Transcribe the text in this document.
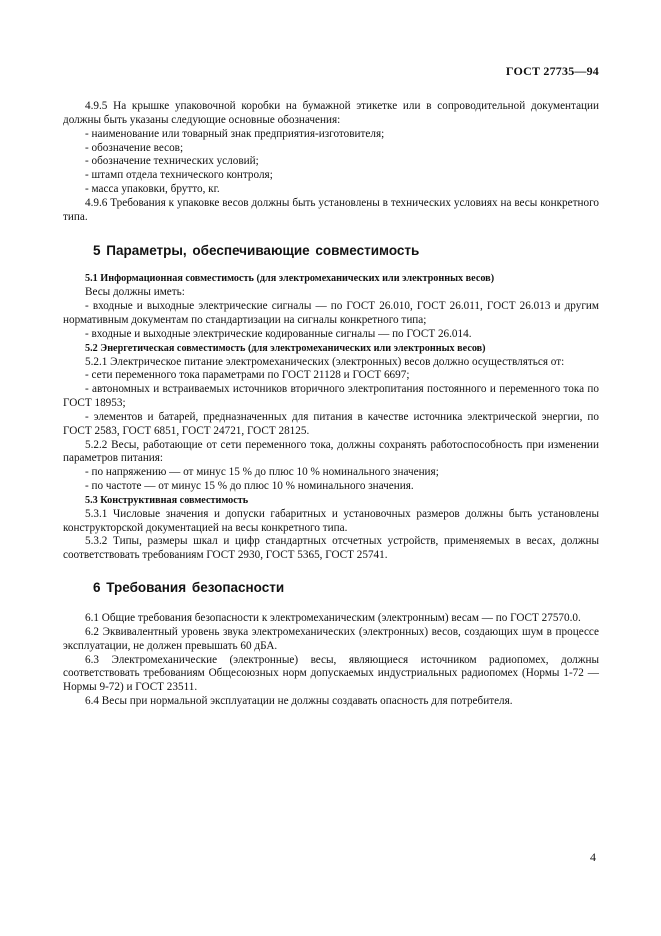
ГОСТ 27735—94

4.9.5 На крышке упаковочной коробки на бумажной этикетке или в сопроводительной документации должны быть указаны следующие основные обозначения:

- наименование или товарный знак предприятия-изготовителя;

- обозначение весов;

- обозначение технических условий;

- штамп отдела технического контроля;

- масса упаковки, брутто, кг.

4.9.6 Требования к упаковке весов должны быть установлены в технических условиях на весы конкретного типа.

5 Параметры, обеспечивающие совместимость

5.1 Информационная совместимость (для электромеханических или электронных весов)

Весы должны иметь:

- входные и выходные электрические сигналы — по ГОСТ 26.010, ГОСТ 26.011, ГОСТ 26.013 и другим нормативным документам по стандартизации на сигналы конкретного типа;

- входные и выходные электрические кодированные сигналы — по ГОСТ 26.014.

5.2 Энергетическая совместимость (для электромеханических или электронных весов)

5.2.1 Электрическое питание электромеханических (электронных) весов должно осуществляться от:

- сети переменного тока параметрами по ГОСТ 21128 и ГОСТ 6697;

- автономных и встраиваемых источников вторичного электропитания постоянного и переменного тока по ГОСТ 18953;

- элементов и батарей, предназначенных для питания в качестве источника электрической энергии, по ГОСТ 2583, ГОСТ 6851, ГОСТ 24721, ГОСТ 28125.

5.2.2 Весы, работающие от сети переменного тока, должны сохранять работоспособность при изменении параметров питания:

- по напряжению — от минус 15 % до плюс 10 % номинального значения;

- по частоте — от минус 15 % до плюс 10 % номинального значения.

5.3 Конструктивная совместимость

5.3.1 Числовые значения и допуски габаритных и установочных размеров должны быть установлены конструкторской документацией на весы конкретного типа.

5.3.2 Типы, размеры шкал и цифр стандартных отсчетных устройств, применяемых в весах, должны соответствовать требованиям ГОСТ 2930, ГОСТ 5365, ГОСТ 25741.

6 Требования безопасности

6.1 Общие требования безопасности к электромеханическим (электронным) весам — по ГОСТ 27570.0.

6.2 Эквивалентный уровень звука электромеханических (электронных) весов, создающих шум в процессе эксплуатации, не должен превышать 60 дБА.

6.3 Электромеханические (электронные) весы, являющиеся источником радиопомех, должны соответствовать требованиям Общесоюзных норм допускаемых индустриальных радиопомех (Нормы 1-72 — Нормы 9-72) и ГОСТ 23511.

6.4 Весы при нормальной эксплуатации не должны создавать опасность для потребителя.

4
